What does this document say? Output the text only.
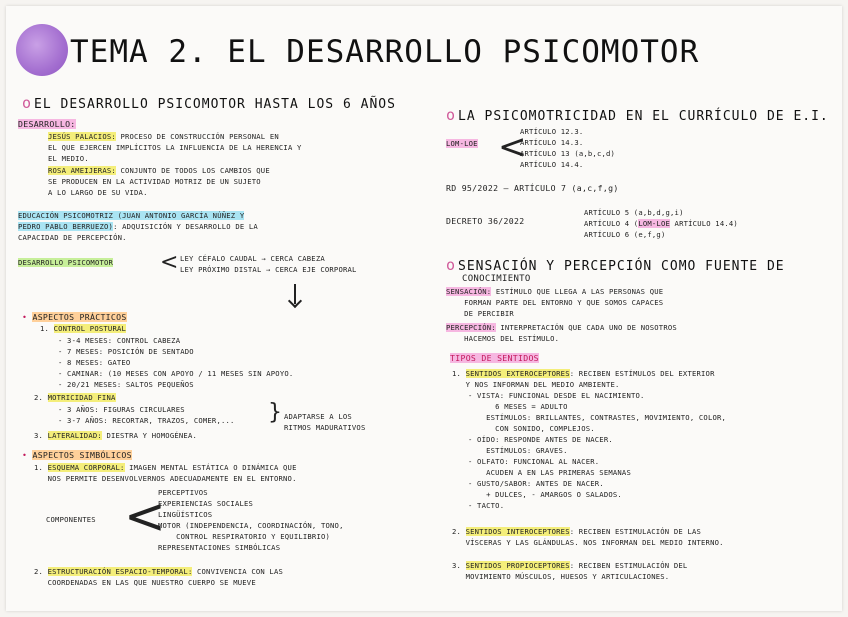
TEMA 2. EL DESARROLLO PSICOMOTOR
o EL DESARROLLO PSICOMOTOR HASTA LOS 6 AÑOS
DESARROLLO:
JESÚS PALACIOS: PROCESO DE CONSTRUCCIÓN PERSONAL EN
EL QUE EJERCEN IMPLÍCITOS LA INFLUENCIA DE LA HERENCIA Y
EL MEDIO.
ROSA AMEIJERAS: CONJUNTO DE TODOS LOS CAMBIOS QUE
SE PRODUCEN EN LA ACTIVIDAD MOTRIZ DE UN SUJETO
A LO LARGO DE SU VIDA.
EDUCACIÓN PSICOMOTRIZ (JUAN ANTONIO GARCÍA NÚÑEZ Y
PEDRO PABLO BERRUEZO): ADQUISICIÓN Y DESARROLLO DE LA
CAPACIDAD DE PERCEPCIÓN.
DESARROLLO PSICOMOTOR < LEY CÉFALO CAUDAL → CERCA CABEZA
LEY PRÓXIMO DISTAL → CERCA EJE CORPORAL
• ASPECTOS PRÁCTICOS
1. CONTROL POSTURAL
- 3-4 MESES: CONTROL CABEZA
- 7 MESES: POSICIÓN DE SENTADO
- 8 MESES: GATEO
- CAMINAR: (10 MESES CON APOYO / 11 MESES SIN APOYO.
- 20/21 MESES: SALTOS PEQUEÑOS
2. MOTRICIDAD FINA
- 3 AÑOS: FIGURAS CIRCULARES
- 3-7 AÑOS: RECORTAR, TRAZOS, COMER,... } ADAPTARSE A LOS
RITMOS MADURATIVOS
3. LATERALIDAD: DIESTRA Y HOMOGÉNEA.
• ASPECTOS SIMBÓLICOS
1. ESQUEMA CORPORAL: IMAGEN MENTAL ESTÁTICA O DINÁMICA QUE
NOS PERMITE DESENVOLVERNOS ADECUADAMENTE EN EL ENTORNO.
COMPONENTES <
PERCEPTIVOS
EXPERIENCIAS SOCIALES
LINGÜÍSTICOS
MOTOR (INDEPENDENCIA, COORDINACIÓN, TONO,
CONTROL RESPIRATORIO Y EQUILIBRIO)
REPRESENTACIONES SIMBÓLICAS
2. ESTRUCTURACIÓN ESPACIO-TEMPORAL: CONVIVENCIA CON LAS
COORDENADAS EN LAS QUE NUESTRO CUERPO SE MUEVE
o LA PSICOMOTRICIDAD EN EL CURRÍCULO DE E.I.
LOM-LOE <
ARTÍCULO 12.3.
ARTÍCULO 14.3.
ARTÍCULO 13 (a,b,c,d)
ARTÍCULO 14.4.
RD 95/2022 — ARTÍCULO 7 (a,c,f,g)
DECRETO 36/2022
ARTÍCULO 5 (a,b,d,g,i)
ARTÍCULO 4 (LOM-LOE ARTÍCULO 14.4)
ARTÍCULO 6 (e,f,g)
o SENSACIÓN Y PERCEPCIÓN COMO FUENTE DE
CONOCIMIENTO
SENSACIÓN: ESTÍMULO QUE LLEGA A LAS PERSONAS QUE
FORMAN PARTE DEL ENTORNO Y QUE SOMOS CAPACES
DE PERCIBIR
PERCEPCIÓN: INTERPRETACIÓN QUE CADA UNO DE NOSOTROS
HACEMOS DEL ESTÍMULO.
TIPOS DE SENTIDOS
1. SENTIDOS EXTEROCEPTORES: RECIBEN ESTÍMULOS DEL EXTERIOR
Y NOS INFORMAN DEL MEDIO AMBIENTE.
- VISTA: FUNCIONAL DESDE EL NACIMIENTO.
6 MESES = ADULTO
ESTÍMULOS: BRILLANTES, CONTRASTES, MOVIMIENTO, COLOR,
CON SONIDO, COMPLEJOS.
- OÍDO: RESPONDE ANTES DE NACER.
ESTÍMULOS: GRAVES.
- OLFATO: FUNCIONAL AL NACER.
ACUDEN A EN LAS PRIMERAS SEMANAS
- GUSTO/SABOR: ANTES DE NACER.
+ DULCES, - AMARGOS O SALADOS.
- TACTO.
2. SENTIDOS INTEROCEPTORES: RECIBEN ESTIMULACIÓN DE LAS
VÍSCERAS Y LAS GLÁNDULAS. NOS INFORMAN DEL MEDIO INTERNO.
3. SENTIDOS PROPIOCEPTORES: RECIBEN ESTIMULACIÓN DEL
MOVIMIENTO MÚSCULOS, HUESOS Y ARTICULACIONES.
